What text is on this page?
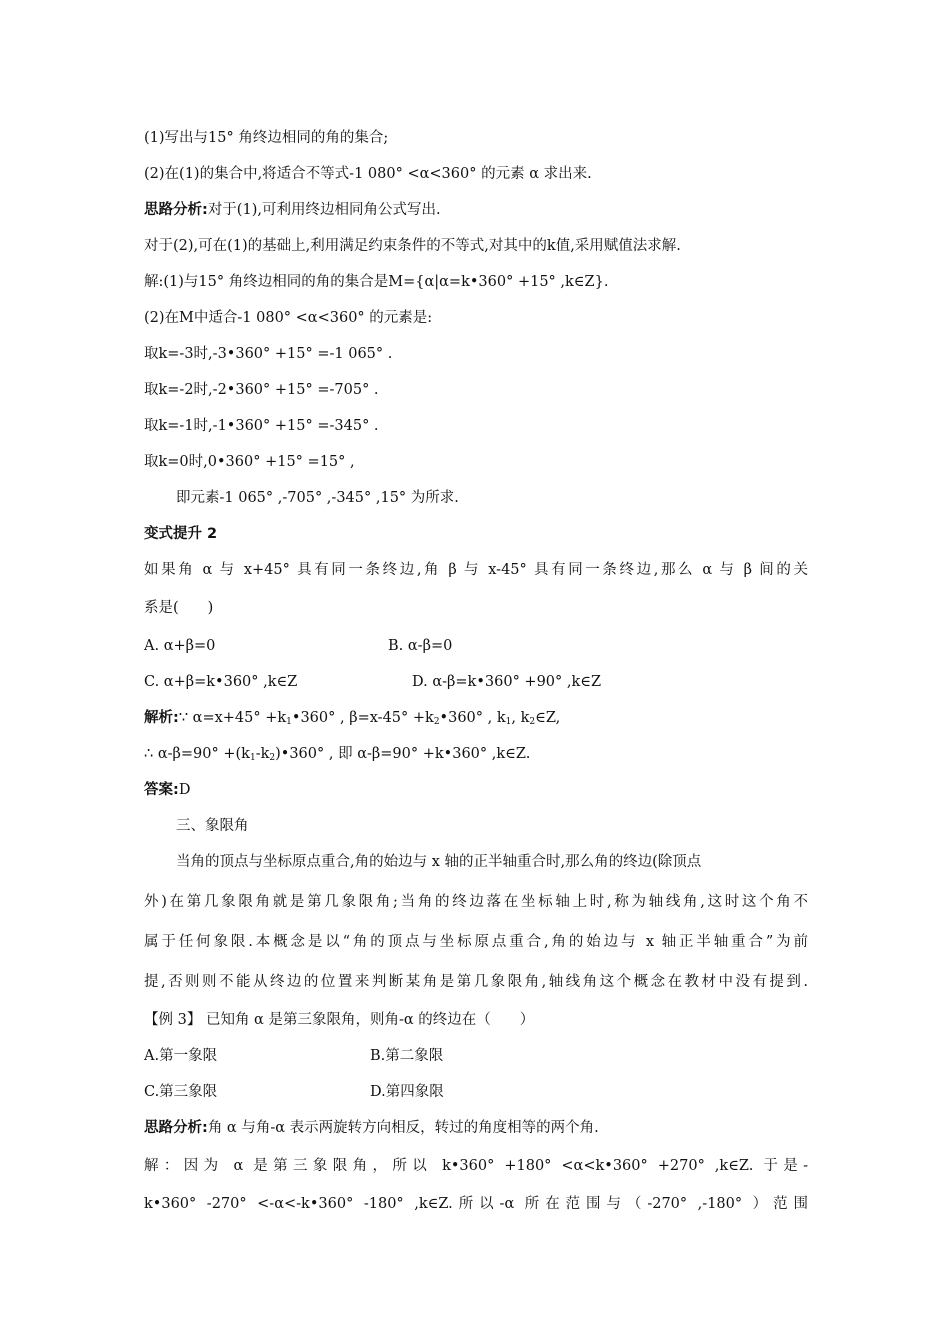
(1)写出与15° 角终边相同的角的集合;
(2)在(1)的集合中,将适合不等式-1 080° <α<360° 的元素 α 求出来.
思路分析:对于(1),可利用终边相同角公式写出.
对于(2),可在(1)的基础上,利用满足约束条件的不等式,对其中的k值,采用赋值法求解.
解:(1)与15° 角终边相同的角的集合是M={α|α=k•360° +15° ,k∈Z}.
(2)在M中适合-1 080° <α<360° 的元素是:
取k=-3时,-3•360° +15° =-1 065° .
取k=-2时,-2•360° +15° =-705° .
取k=-1时,-1•360° +15° =-345° .
取k=0时,0•360° +15° =15° ,
即元素-1 065° ,-705° ,-345° ,15° 为所求.
变式提升 2
如果角 α 与 x+45° 具有同一条终边,角 β 与 x-45° 具有同一条终边,那么 α 与 β 间的关
系是(　　)
A. α+β=0	B. α-β=0
C. α+β=k•360° ,k∈Z	D. α-β=k•360° +90° ,k∈Z
解析:∵ $\alpha=x+45^\circ +k_1•360^\circ$ , $\beta=x-45^\circ +k_2•360^\circ$ , $k_1$, $k_2\in Z$,
∴ $\alpha-\beta=90^\circ +(k_1-k_2)•360^\circ$ , 即 α-β=90° +k•360° ,k∈Z.
答案:D
三、象限角
当角的顶点与坐标原点重合,角的始边与 x 轴的正半轴重合时,那么角的终边(除顶点
外)在第几象限角就是第几象限角;当角的终边落在坐标轴上时,称为轴线角,这时这个角不
属于任何象限.本概念是以“角的顶点与坐标原点重合,角的始边与 x 轴正半轴重合”为前
提,否则则不能从终边的位置来判断某角是第几象限角,轴线角这个概念在教材中没有提到.
【例 3】 已知角 α 是第三象限角，则角-α 的终边在（　　）
A.第一象限	B.第二象限
C.第三象限	D.第四象限
思路分析:角 α 与角-α 表示两旋转方向相反，转过的角度相等的两个角.
解：因为 α 是第三象限角，所以 k•360° +180° <α<k•360° +270° ,k∈Z. 于是-
k•360° -270° <-α<-k•360° -180° ,k∈Z.所以-α 所在范围与（-270° ,-180° ）范围
